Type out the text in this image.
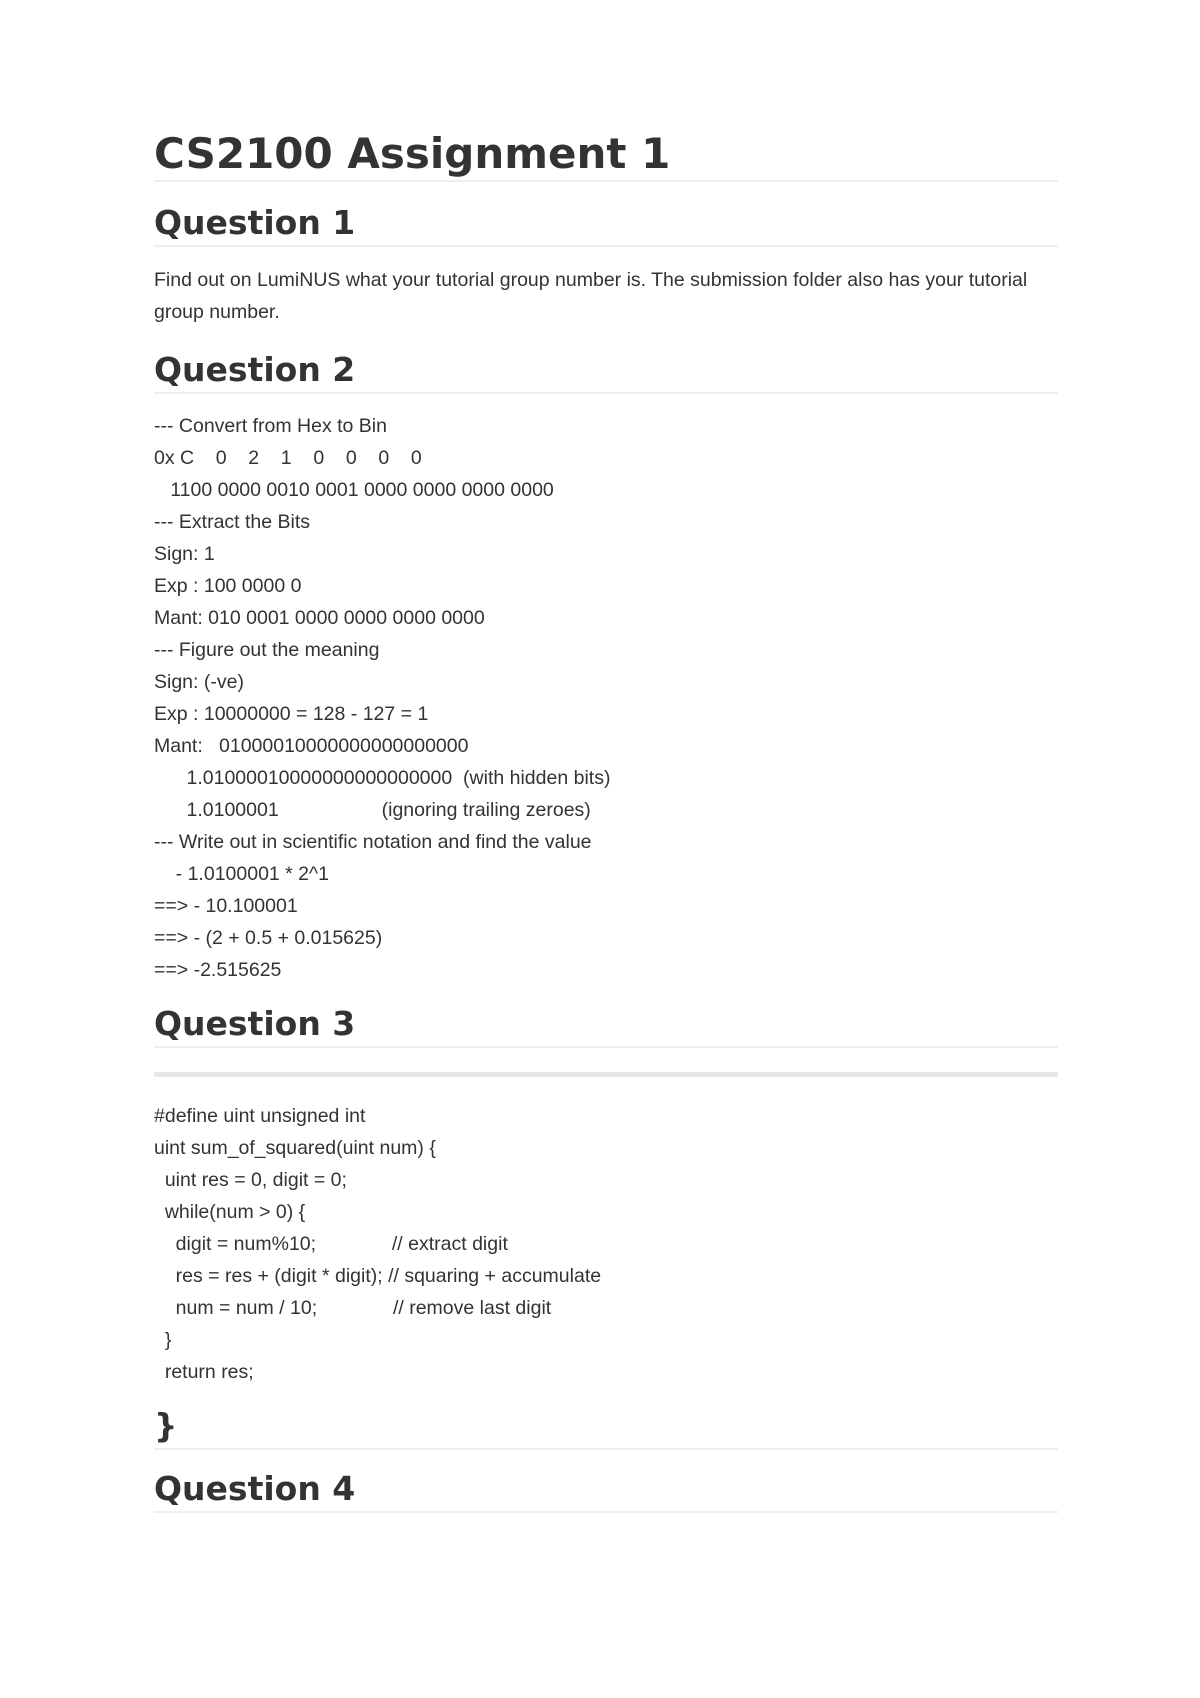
CS2100 Assignment 1
Question 1
Find out on LumiNUS what your tutorial group number is. The submission folder also has your tutorial group number.
Question 2
--- Convert from Hex to Bin
0x C    0    2    1    0    0    0    0
1100 0000 0010 0001 0000 0000 0000 0000
--- Extract the Bits
Sign: 1
Exp : 100 0000 0
Mant: 010 0001 0000 0000 0000 0000
--- Figure out the meaning
Sign: (-ve)
Exp : 10000000 = 128 - 127 = 1
Mant:   01000010000000000000000
1.01000010000000000000000  (with hidden bits)
1.0100001                   (ignoring trailing zeroes)
--- Write out in scientific notation and find the value
- 1.0100001 * 2^1
==> - 10.100001
==> - (2 + 0.5 + 0.015625)
==> -2.515625
Question 3
#define uint unsigned int
uint sum_of_squared(uint num) {
uint res = 0, digit = 0;
while(num > 0) {
digit = num%10;              // extract digit
res = res + (digit * digit); // squaring + accumulate
num = num / 10;              // remove last digit
}
return res;
}
Question 4
